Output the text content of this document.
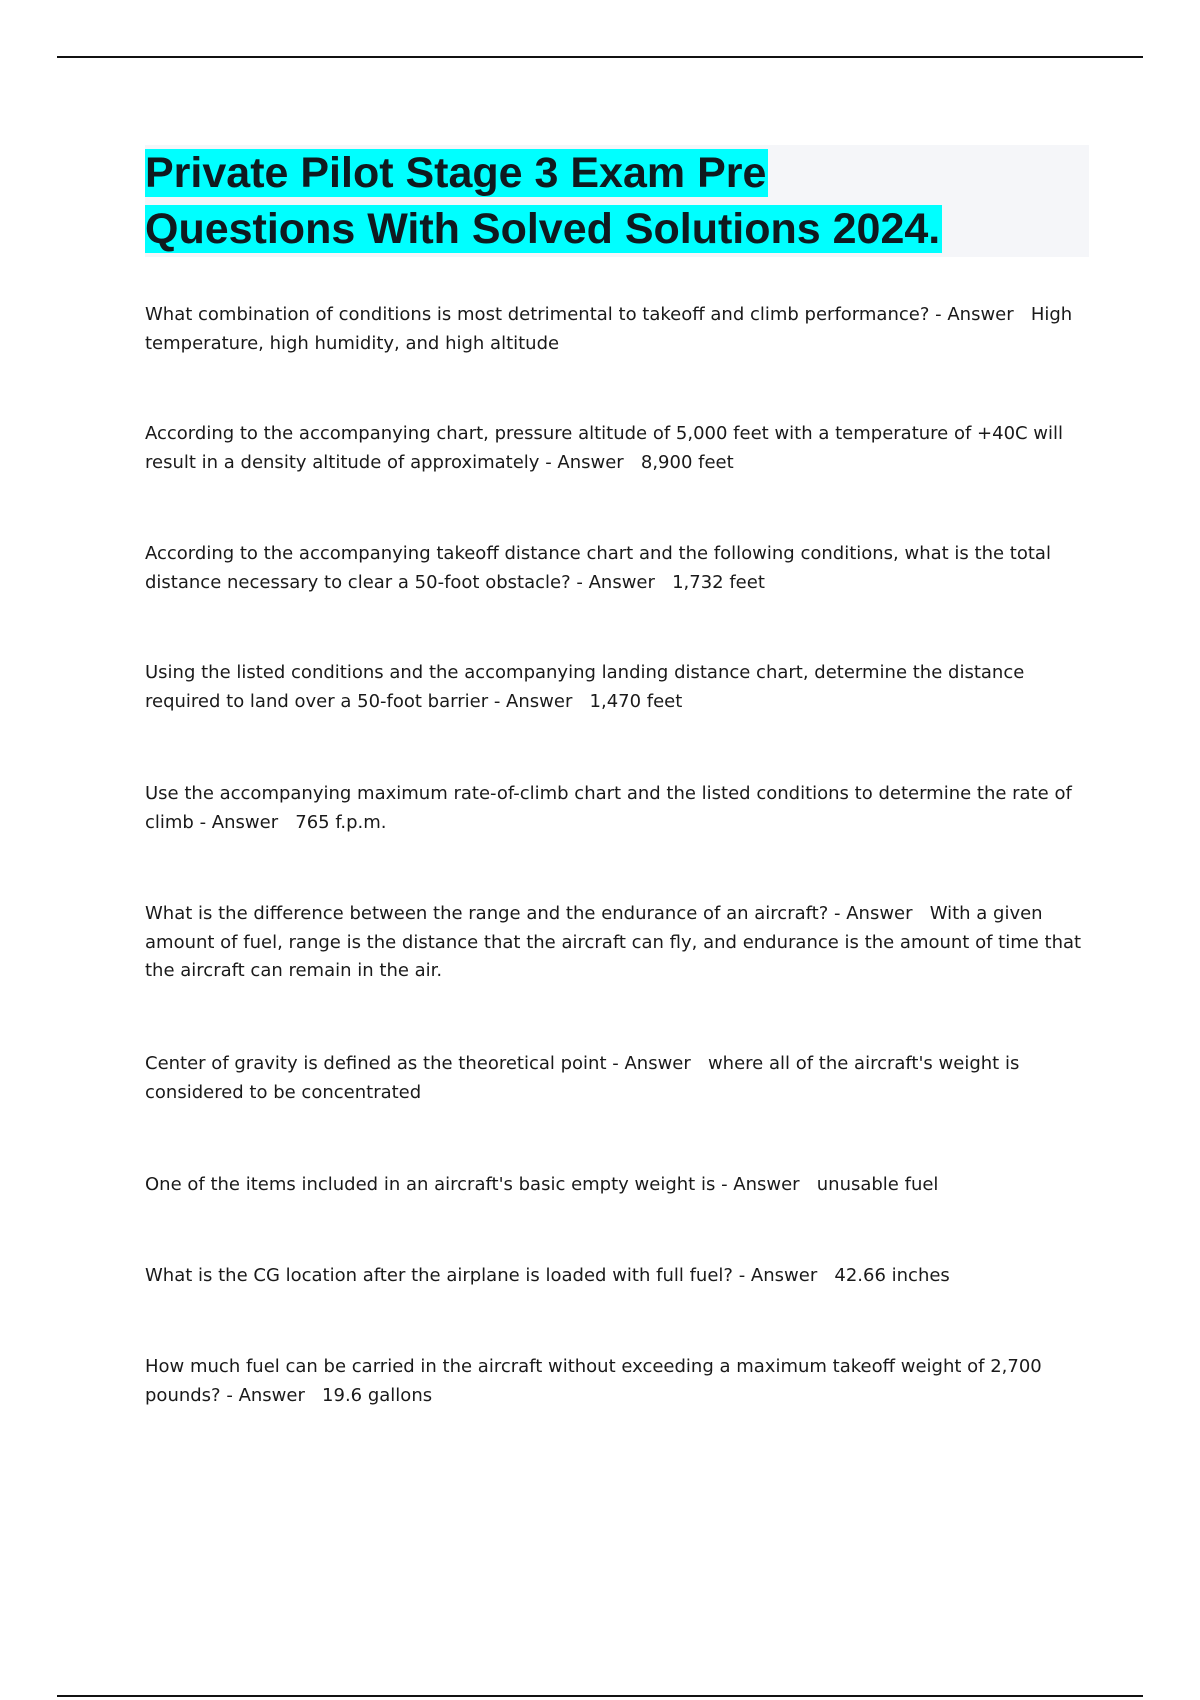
Private Pilot Stage 3 Exam Pre
Questions With Solved Solutions 2024.

What combination of conditions is most detrimental to takeoff and climb performance? - Answer High temperature, high humidity, and high altitude

According to the accompanying chart, pressure altitude of 5,000 feet with a temperature of +40C will result in a density altitude of approximately - Answer 8,900 feet

According to the accompanying takeoff distance chart and the following conditions, what is the total distance necessary to clear a 50-foot obstacle? - Answer 1,732 feet

Using the listed conditions and the accompanying landing distance chart, determine the distance required to land over a 50-foot barrier - Answer 1,470 feet

Use the accompanying maximum rate-of-climb chart and the listed conditions to determine the rate of climb - Answer 765 f.p.m.

What is the difference between the range and the endurance of an aircraft? - Answer With a given amount of fuel, range is the distance that the aircraft can fly, and endurance is the amount of time that the aircraft can remain in the air.

Center of gravity is defined as the theoretical point - Answer where all of the aircraft's weight is considered to be concentrated

One of the items included in an aircraft's basic empty weight is - Answer unusable fuel

What is the CG location after the airplane is loaded with full fuel? - Answer 42.66 inches

How much fuel can be carried in the aircraft without exceeding a maximum takeoff weight of 2,700 pounds? - Answer 19.6 gallons
